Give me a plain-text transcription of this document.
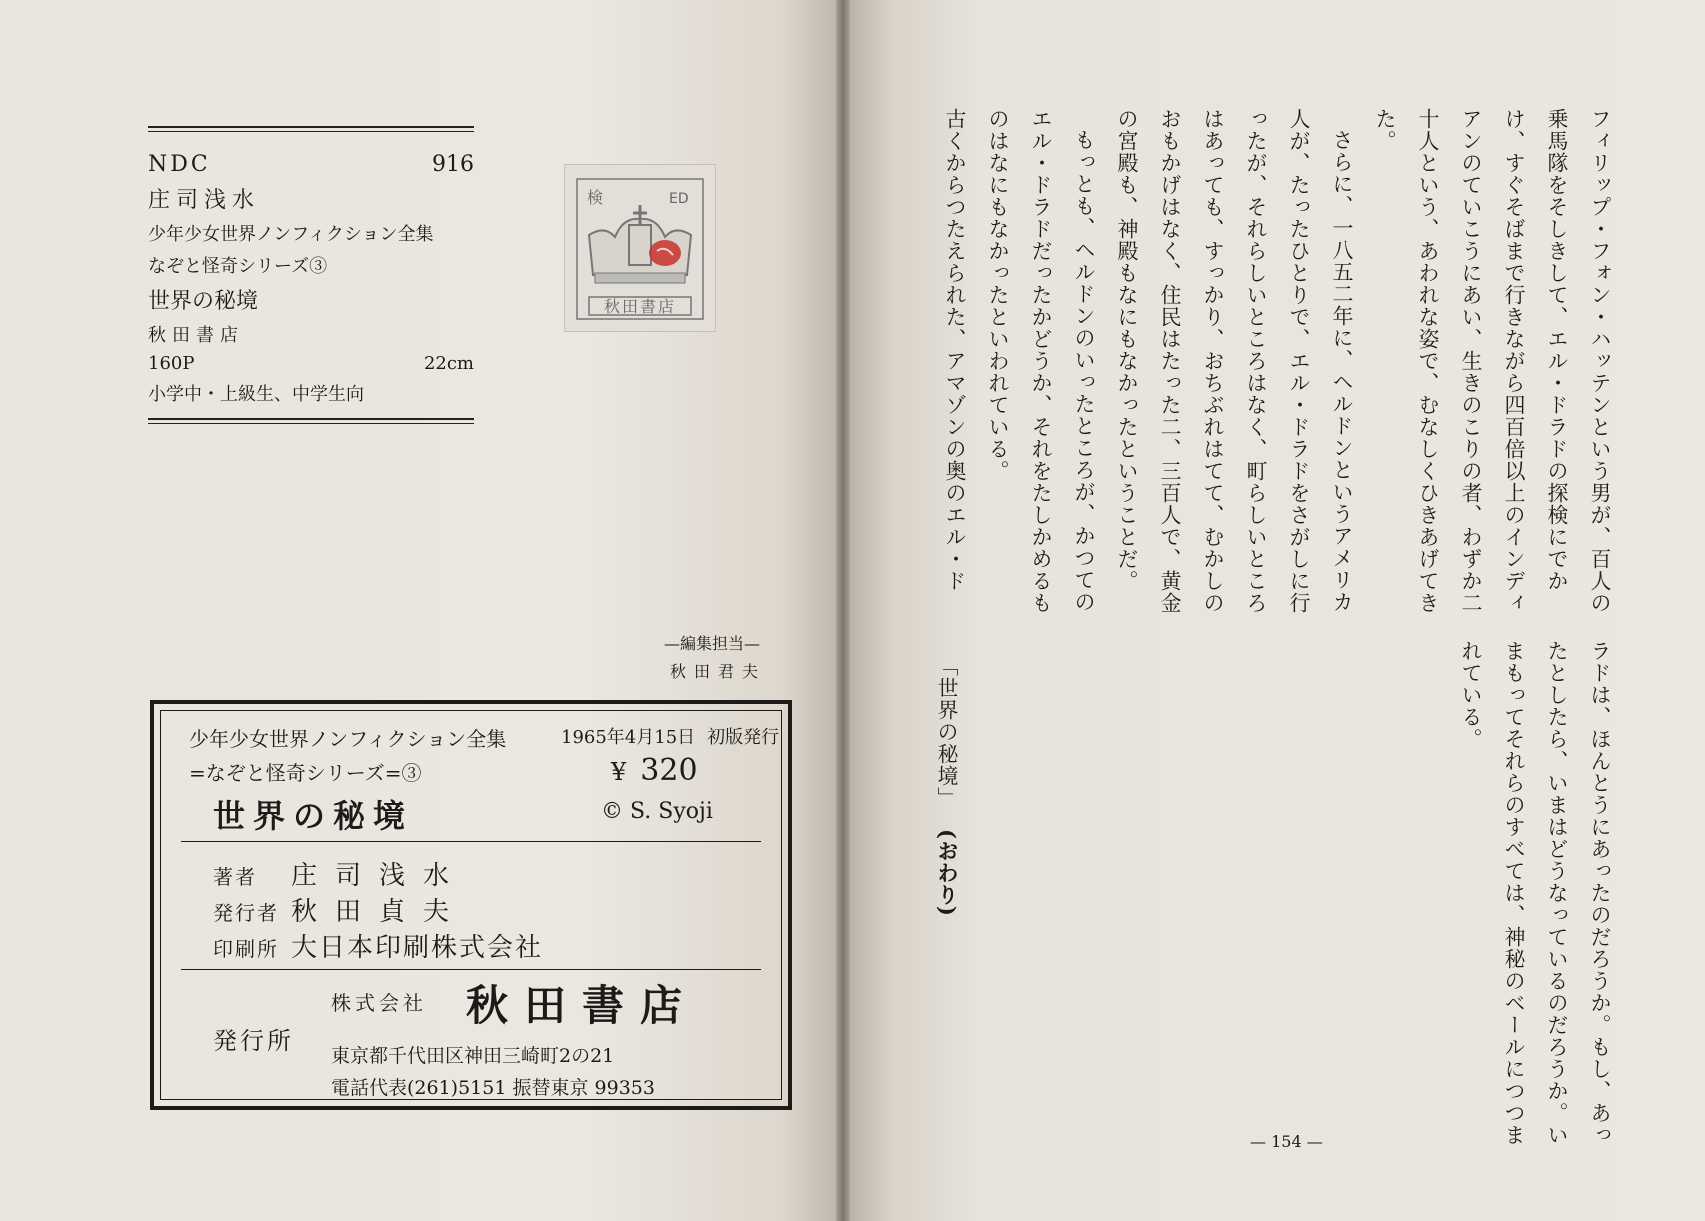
NDC	916
庄司浅水
少年少女世界ノンフィクション全集
なぞと怪奇シリーズ③
世界の秘境
秋田書店
160P	22cm
小学中・上級生、中学生向
検	ED
秋田書店
—編集担当—
秋田君夫
少年少女世界ノンフィクション全集
=なぞと怪奇シリーズ=③
1965年4月15日 初版発行
¥ 320
世界の秘境	© S. Syoji
著者 庄司浅水
発行者 秋田貞夫
印刷所 大日本印刷株式会社
発行所
株式会社 秋田書店
東京都千代田区神田三崎町2の21
電話代表(261)5151 振替東京 99353
フィリップ・フォン・ハッテンという男が、百人の
乗馬隊をそしきして、エル・ドラドの探検にでか
け、すぐそばまで行きながら四百倍以上のインディ
アンのていこうにあい、生きのこりの者、わずか二
十人という、あわれな姿で、むなしくひきあげてき
た。
さらに、一八五二年に、ヘルドンというアメリカ
人が、たったひとりで、エル・ドラドをさがしに行
ったが、それらしいところはなく、町らしいところ
はあっても、すっかり、おちぶれはてて、むかしの
おもかげはなく、住民はたった二、三百人で、黄金
の宮殿も、神殿もなにもなかったということだ。
もっとも、ヘルドンのいったところが、かつての
エル・ドラドだったかどうか、それをたしかめるも
のはなにもなかったといわれている。
古くからつたえられた、アマゾンの奥のエル・ド
ラドは、ほんとうにあったのだろうか。もし、あっ
たとしたら、いまはどうなっているのだろうか。い
まもってそれらのすべては、神秘のベールにつつま
れている。
「世界の秘境」 (おわり)
— 154 —
